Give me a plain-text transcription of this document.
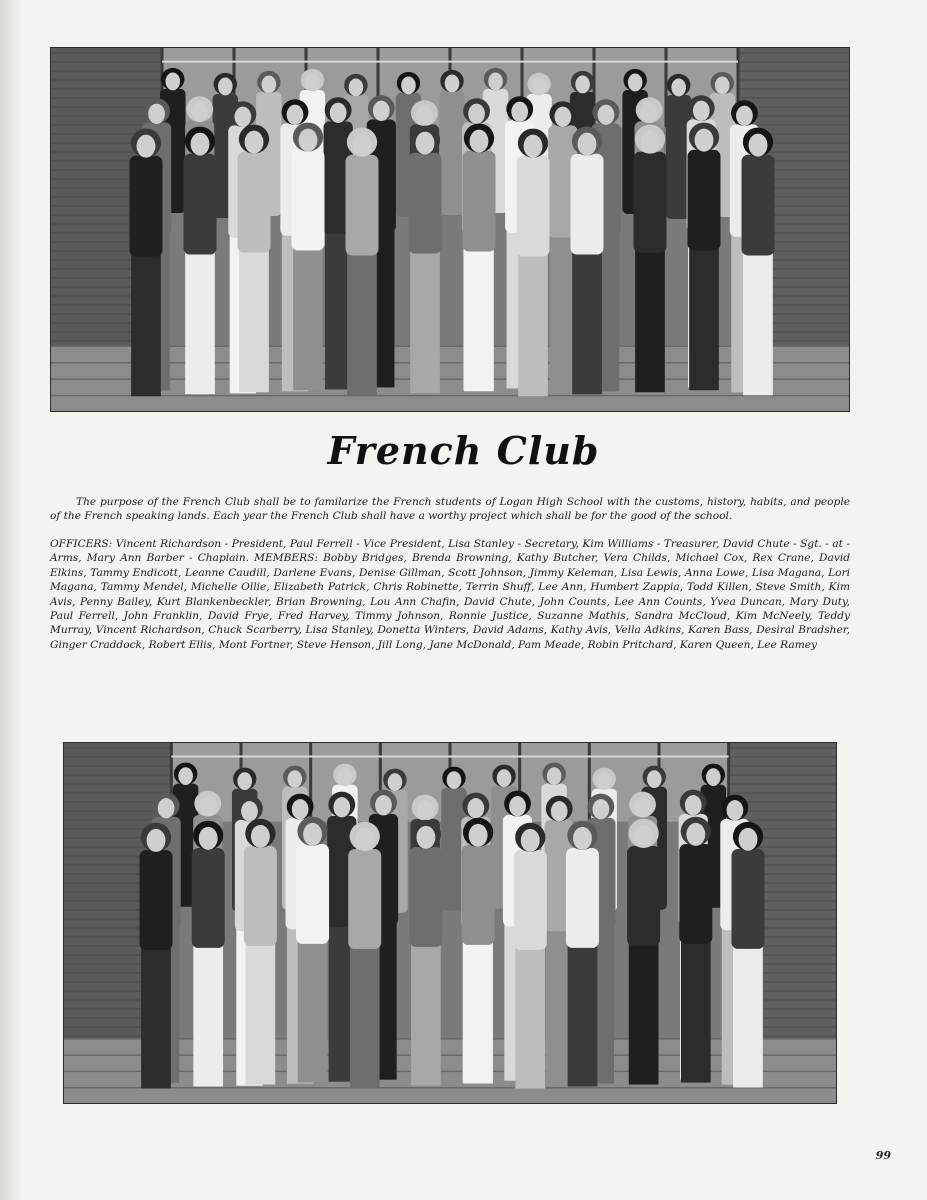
French Club

The purpose of the French Club shall be to familarize the French students of Logan High School with the customs, history, habits, and people of the French speaking lands. Each year the French Club shall have a worthy project which shall be for the good of the school.

OFFICERS: Vincent Richardson - President, Paul Ferrell - Vice President, Lisa Stanley - Secretary, Kim Williams - Treasurer, David Chute - Sgt. - at - Arms, Mary Ann Barber - Chaplain. MEMBERS: Bobby Bridges, Brenda Browning, Kathy Butcher, Vera Childs, Michael Cox, Rex Crane, David Elkins, Tammy Endicott, Leanne Caudill, Darlene Evans, Denise Gillman, Scott Johnson, Jimmy Keleman, Lisa Lewis, Anna Lowe, Lisa Magana, Lori Magana, Tammy Mendel, Michelle Ollie, Elizabeth Patrick, Chris Robinette, Terrin Shuff, Lee Ann, Humbert Zappia, Todd Killen, Steve Smith, Kim Avis, Penny Bailey, Kurt Blankenbeckler, Brian Browning, Lou Ann Chafin, David Chute, John Counts, Lee Ann Counts, Yvea Duncan, Mary Duty, Paul Ferrell, John Franklin, David Frye, Fred Harvey, Timmy Johnson, Ronnie Justice, Suzanne Mathis, Sandra McCloud, Kim McNeely, Teddy Murray, Vincent Richardson, Chuck Scarberry, Lisa Stanley, Donetta Winters, David Adams, Kathy Avis, Vella Adkins, Karen Bass, Desiral Bradsher, Ginger Craddock, Robert Ellis, Mont Fortner, Steve Henson, Jill Long, Jane McDonald, Pam Meade, Robin Pritchard, Karen Queen, Lee Ramey

99
